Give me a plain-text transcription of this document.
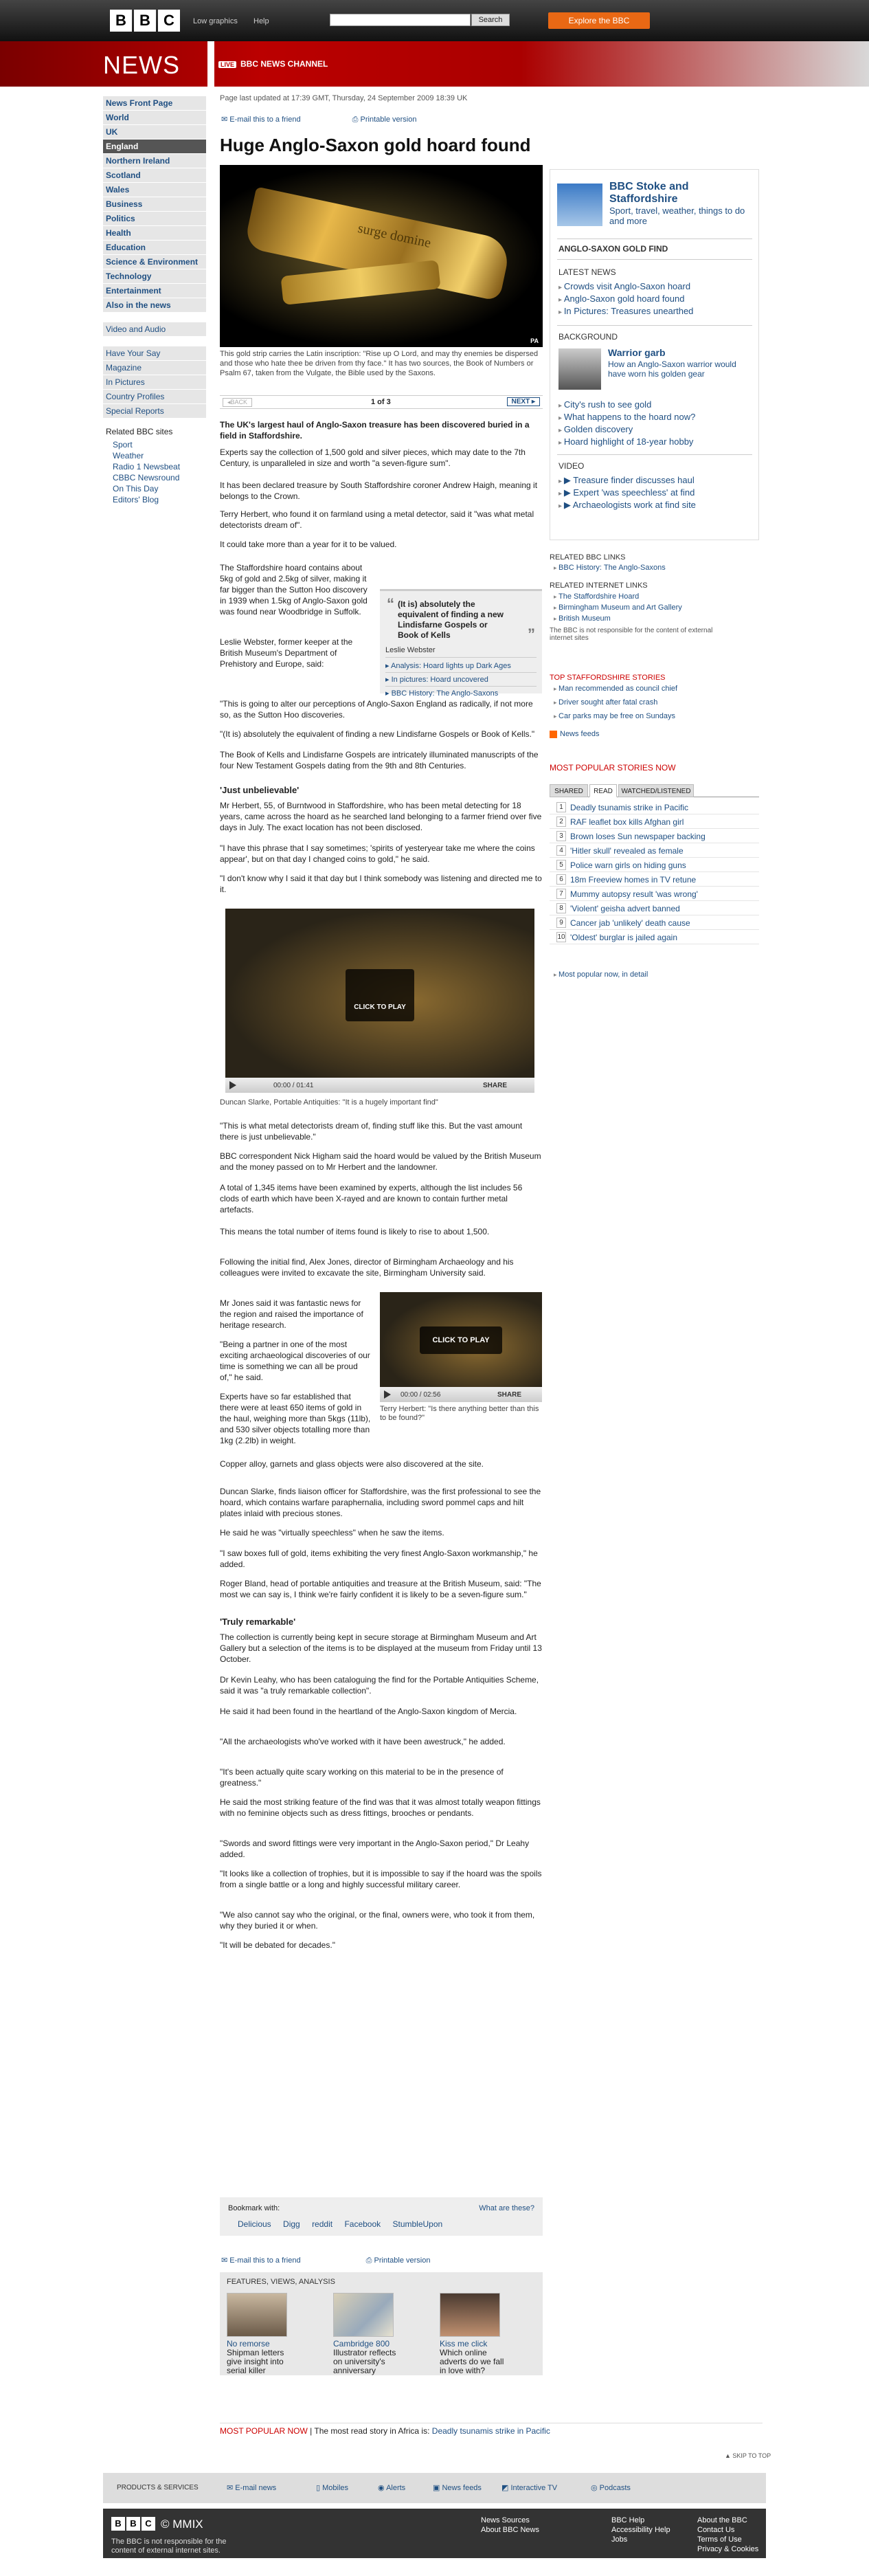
B B C	Low graphics Help	Search	Explore the BBC
NEWS	LIVE BBC NEWS CHANNEL
News Front Page
World
UK
England
Northern Ireland
Scotland
Wales
Business
Politics
Health
Education
Science & Environment
Technology
Entertainment
Also in the news
Video and Audio
Have Your Say
Magazine
In Pictures
Country Profiles
Special Reports
Related BBC sites
Sport
Weather
Radio 1 Newsbeat
CBBC Newsround
On This Day
Editors' Blog
Page last updated at 17:39 GMT, Thursday, 24 September 2009 18:39 UK
✉ E-mail this to a friend	⎙ Printable version
Huge Anglo-Saxon gold hoard found
surge domine
PA
This gold strip carries the Latin inscription: "Rise up O Lord, and may thy enemies be dispersed and those who hate thee be driven from thy face." It has two sources, the Book of Numbers or Psalm 67, taken from the Vulgate, the Bible used by the Saxons.
◂BACK	1 of 3	NEXT ▸
The UK's largest haul of Anglo-Saxon treasure has been discovered buried in a field in Staffordshire.
Experts say the collection of 1,500 gold and silver pieces, which may date to the 7th Century, is unparalleled in size and worth "a seven-figure sum".
It has been declared treasure by South Staffordshire coroner Andrew Haigh, meaning it belongs to the Crown.
Terry Herbert, who found it on farmland using a metal detector, said it "was what metal detectorists dream of".
It could take more than a year for it to be valued.
The Staffordshire hoard contains about 5kg of gold and 2.5kg of silver, making it far bigger than the Sutton Hoo discovery in 1939 when 1.5kg of Anglo-Saxon gold was found near Woodbridge in Suffolk.
Leslie Webster, former keeper at the British Museum's Department of Prehistory and Europe, said:
“ (It is) absolutely the equivalent of finding a new Lindisfarne Gospels or Book of Kells	”
Leslie Webster
▸ Analysis: Hoard lights up Dark Ages
▸ In pictures: Hoard uncovered
▸ BBC History: The Anglo-Saxons
"This is going to alter our perceptions of Anglo-Saxon England as radically, if not more so, as the Sutton Hoo discoveries.
"(It is) absolutely the equivalent of finding a new Lindisfarne Gospels or Book of Kells."
The Book of Kells and Lindisfarne Gospels are intricately illuminated manuscripts of the four New Testament Gospels dating from the 9th and 8th Centuries.
'Just unbelievable'
Mr Herbert, 55, of Burntwood in Staffordshire, who has been metal detecting for 18 years, came across the hoard as he searched land belonging to a farmer friend over five days in July. The exact location has not been disclosed.
"I have this phrase that I say sometimes; 'spirits of yesteryear take me where the coins appear', but on that day I changed coins to gold," he said.
"I don't know why I said it that day but I think somebody was listening and directed me to it.
CLICK TO PLAY
00:00 / 01:41	SHARE
Duncan Slarke, Portable Antiquities: "It is a hugely important find"
"This is what metal detectorists dream of, finding stuff like this. But the vast amount there is just unbelievable."
BBC correspondent Nick Higham said the hoard would be valued by the British Museum and the money passed on to Mr Herbert and the landowner.
A total of 1,345 items have been examined by experts, although the list includes 56 clods of earth which have been X-rayed and are known to contain further metal artefacts.
This means the total number of items found is likely to rise to about 1,500.
Following the initial find, Alex Jones, director of Birmingham Archaeology and his colleagues were invited to excavate the site, Birmingham University said.
Mr Jones said it was fantastic news for the region and raised the importance of heritage research.
"Being a partner in one of the most exciting archaeological discoveries of our time is something we can all be proud of," he said.
Experts have so far established that there were at least 650 items of gold in the haul, weighing more than 5kgs (11lb), and 530 silver objects totalling more than 1kg (2.2lb) in weight.
CLICK TO PLAY
00:00 / 02:56	SHARE
Terry Herbert: "Is there anything better than this to be found?"
Copper alloy, garnets and glass objects were also discovered at the site.
Duncan Slarke, finds liaison officer for Staffordshire, was the first professional to see the hoard, which contains warfare paraphernalia, including sword pommel caps and hilt plates inlaid with precious stones.
He said he was "virtually speechless" when he saw the items.
"I saw boxes full of gold, items exhibiting the very finest Anglo-Saxon workmanship," he added.
Roger Bland, head of portable antiquities and treasure at the British Museum, said: "The most we can say is, I think we're fairly confident it is likely to be a seven-figure sum."
'Truly remarkable'
The collection is currently being kept in secure storage at Birmingham Museum and Art Gallery but a selection of the items is to be displayed at the museum from Friday until 13 October.
Dr Kevin Leahy, who has been cataloguing the find for the Portable Antiquities Scheme, said it was "a truly remarkable collection".
He said it had been found in the heartland of the Anglo-Saxon kingdom of Mercia.
"All the archaeologists who've worked with it have been awestruck," he added.
"It's been actually quite scary working on this material to be in the presence of greatness."
He said the most striking feature of the find was that it was almost totally weapon fittings with no feminine objects such as dress fittings, brooches or pendants.
"Swords and sword fittings were very important in the Anglo-Saxon period," Dr Leahy added.
"It looks like a collection of trophies, but it is impossible to say if the hoard was the spoils from a single battle or a long and highly successful military career.
"We also cannot say who the original, or the final, owners were, who took it from them, why they buried it or when.
"It will be debated for decades."
Bookmark with:	What are these?
Delicious Digg reddit Facebook StumbleUpon
✉ E-mail this to a friend	⎙ Printable version
FEATURES, VIEWS, ANALYSIS
No remorse
Shipman letters give insight into serial killer
Cambridge 800
Illustrator reflects on university's anniversary
Kiss me click
Which online adverts do we fall in love with?
MOST POPULAR NOW | The most read story in Africa is: Deadly tsunamis strike in Pacific
▲ SKIP TO TOP
PRODUCTS & SERVICES	✉ E-mail news	▯ Mobiles	◉ Alerts	▣ News feeds	◩ Interactive TV	◎ Podcasts
B B C © MMIX
The BBC is not responsible for the content of external internet sites.
News Sources
About BBC News
BBC Help
Accessibility Help
Jobs
About the BBC
Contact Us
Terms of Use
Privacy & Cookies
BBC Stoke and Staffordshire
Sport, travel, weather, things to do and more
ANGLO-SAXON GOLD FIND
LATEST NEWS
▸ Crowds visit Anglo-Saxon hoard
▸ Anglo-Saxon gold hoard found
▸ In Pictures: Treasures unearthed
BACKGROUND
Warrior garb
How an Anglo-Saxon warrior would have worn his golden gear
▸ City's rush to see gold
▸ What happens to the hoard now?
▸ Golden discovery
▸ Hoard highlight of 18-year hobby
VIDEO
▸ ▶ Treasure finder discusses haul
▸ ▶ Expert 'was speechless' at find
▸ ▶ Archaeologists work at find site
RELATED BBC LINKS
▸ BBC History: The Anglo-Saxons
RELATED INTERNET LINKS
▸ The Staffordshire Hoard
▸ Birmingham Museum and Art Gallery
▸ British Museum
The BBC is not responsible for the content of external internet sites
TOP STAFFORDSHIRE STORIES
▸ Man recommended as council chief
▸ Driver sought after fatal crash
▸ Car parks may be free on Sundays
News feeds
MOST POPULAR STORIES NOW
SHARED	READ	WATCHED/LISTENED
1 Deadly tsunamis strike in Pacific
2 RAF leaflet box kills Afghan girl
3 Brown loses Sun newspaper backing
4 'Hitler skull' revealed as female
5 Police warn girls on hiding guns
6 18m Freeview homes in TV retune
7 Mummy autopsy result 'was wrong'
8 'Violent' geisha advert banned
9 Cancer jab 'unlikely' death cause
10 'Oldest' burglar is jailed again
▸ Most popular now, in detail
